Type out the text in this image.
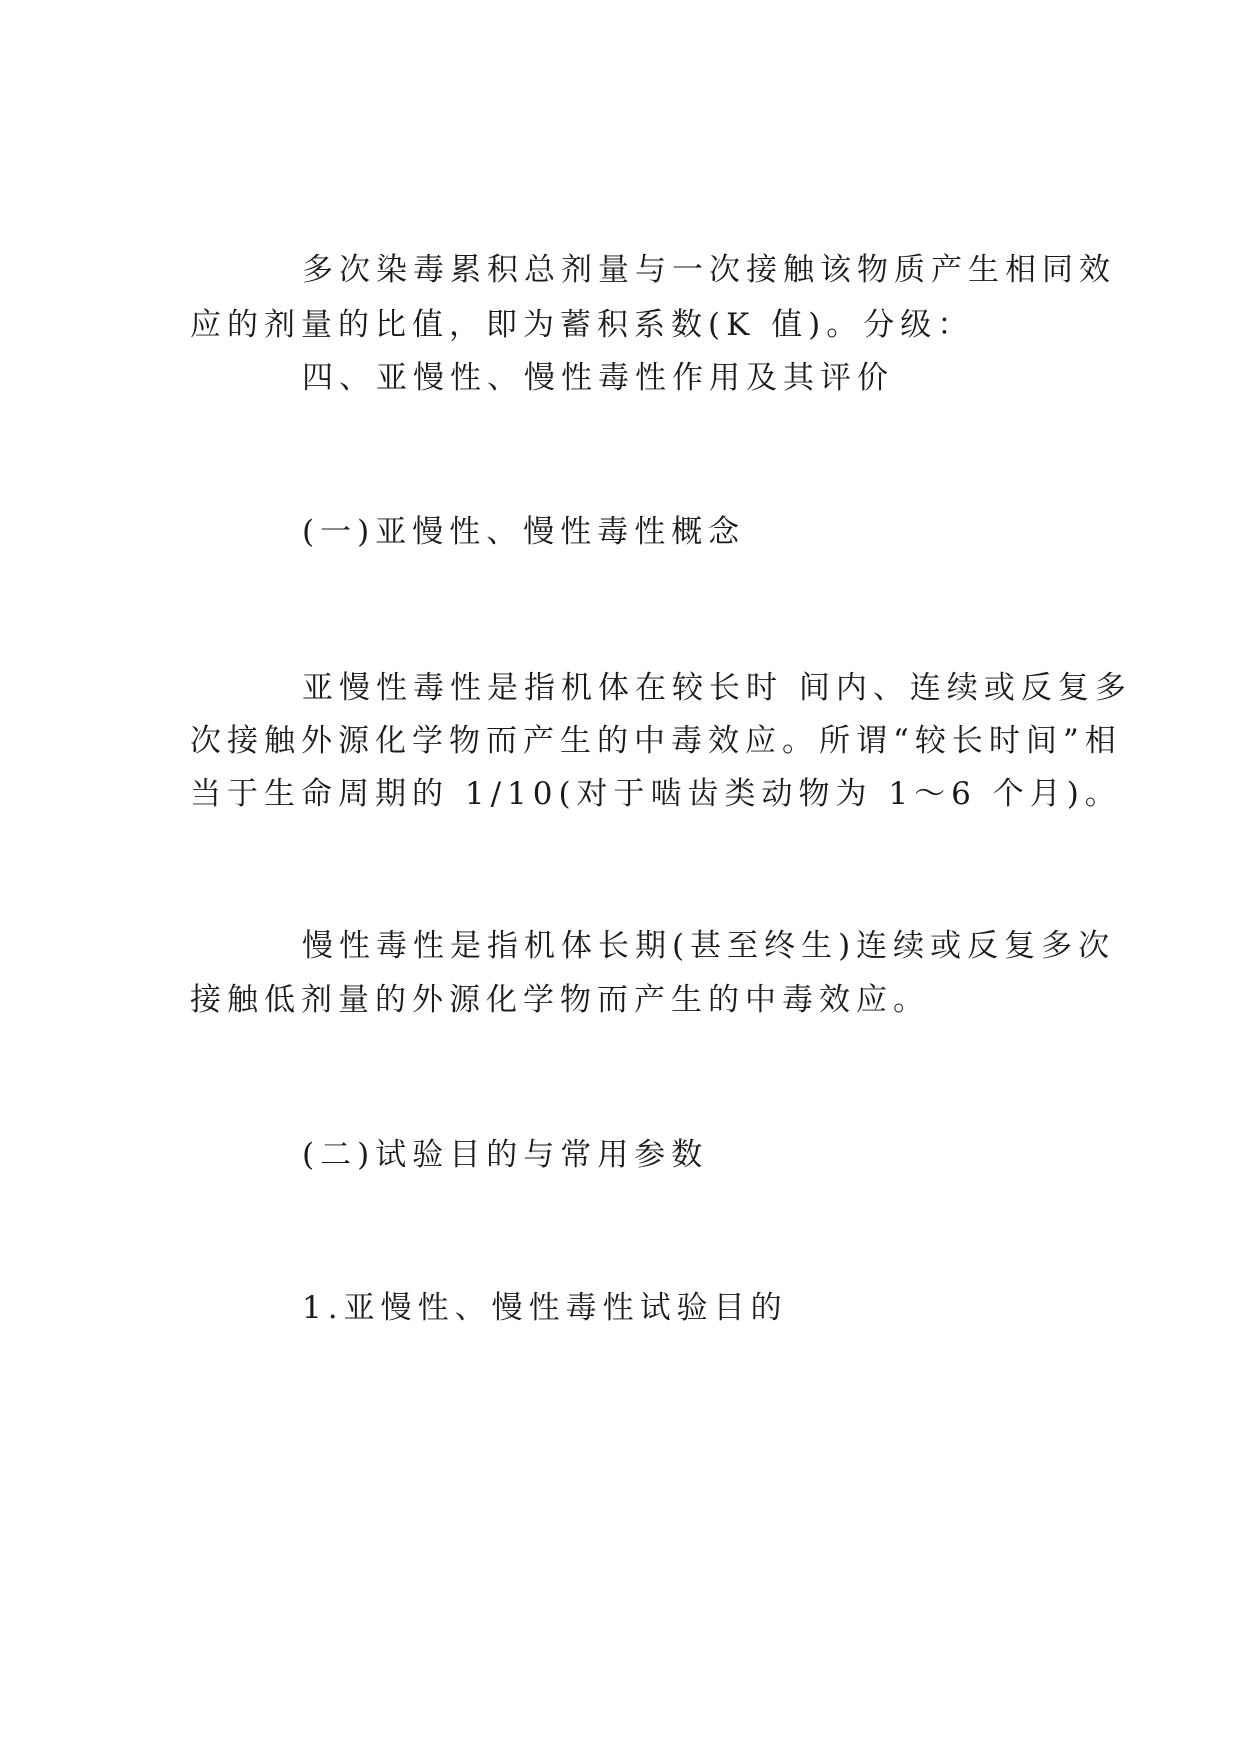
多次染毒累积总剂量与一次接触该物质产生相同效
应的剂量的比值，即为蓄积系数(K 值)。分级：
四、亚慢性、慢性毒性作用及其评价
(一)亚慢性、慢性毒性概念
亚慢性毒性是指机体在较长时 间内、连续或反复多
次接触外源化学物而产生的中毒效应。所谓“较长时间”相
当于生命周期的 1/10(对于啮齿类动物为 1～6 个月)。
慢性毒性是指机体长期(甚至终生)连续或反复多次
接触低剂量的外源化学物而产生的中毒效应。
(二)试验目的与常用参数
1.亚慢性、慢性毒性试验目的
